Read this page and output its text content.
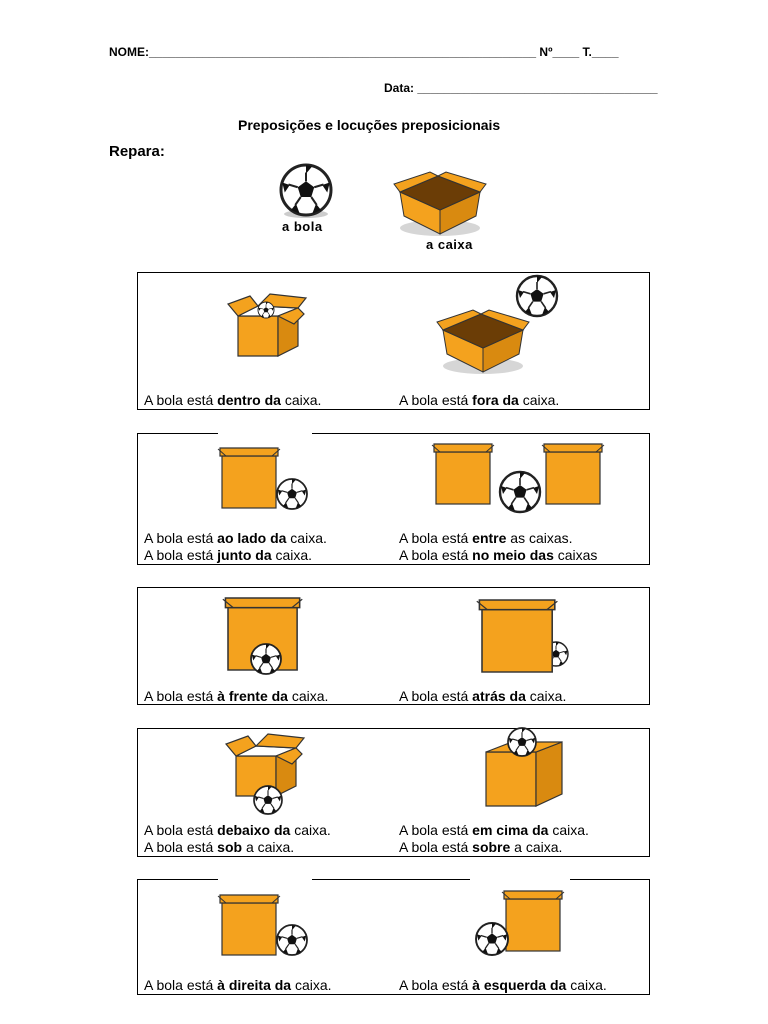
NOME:__________________________________________________________ Nº____ T.____
Data: ____________________________________
Preposições e locuções preposicionais
Repara:
a bola
a caixa
A bola está dentro da caixa.	A bola está fora da caixa.
A bola está ao lado da caixa.
A bola está junto da caixa.
A bola está entre as caixas.
A bola está no meio das caixas
A bola está à frente da caixa.	A bola está atrás da caixa.
A bola está debaixo da caixa.
A bola está sob a caixa.
A bola está em cima da caixa.
A bola está sobre a caixa.
A bola está à direita da caixa.	A bola está à esquerda da caixa.
